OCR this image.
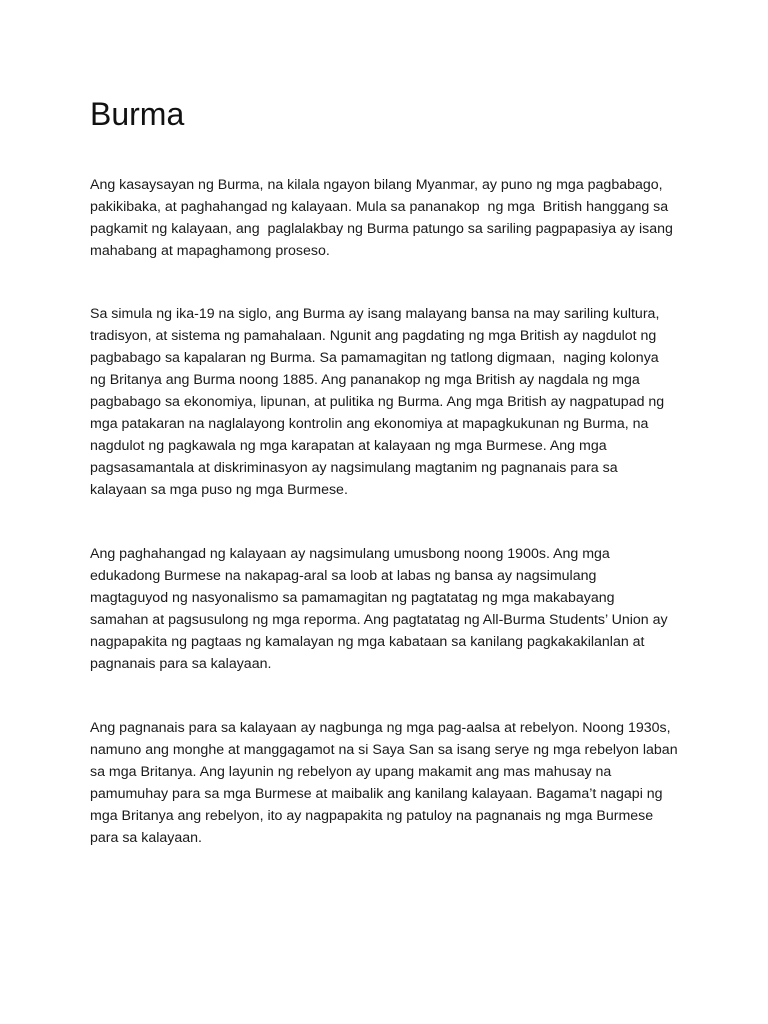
Burma

Ang kasaysayan ng Burma, na kilala ngayon bilang Myanmar, ay puno ng mga pagbabago,
pakikibaka, at paghahangad ng kalayaan. Mula sa pananakop  ng mga  British hanggang sa
pagkamit ng kalayaan, ang  paglalakbay ng Burma patungo sa sariling pagpapasiya ay isang
mahabang at mapaghamong proseso.

Sa simula ng ika-19 na siglo, ang Burma ay isang malayang bansa na may sariling kultura,
tradisyon, at sistema ng pamahalaan. Ngunit ang pagdating ng mga British ay nagdulot ng
pagbabago sa kapalaran ng Burma. Sa pamamagitan ng tatlong digmaan,  naging kolonya
ng Britanya ang Burma noong 1885. Ang pananakop ng mga British ay nagdala ng mga
pagbabago sa ekonomiya, lipunan, at pulitika ng Burma. Ang mga British ay nagpatupad ng
mga patakaran na naglalayong kontrolin ang ekonomiya at mapagkukunan ng Burma, na
nagdulot ng pagkawala ng mga karapatan at kalayaan ng mga Burmese. Ang mga
pagsasamantala at diskriminasyon ay nagsimulang magtanim ng pagnanais para sa
kalayaan sa mga puso ng mga Burmese.

Ang paghahangad ng kalayaan ay nagsimulang umusbong noong 1900s. Ang mga
edukadong Burmese na nakapag-aral sa loob at labas ng bansa ay nagsimulang
magtaguyod ng nasyonalismo sa pamamagitan ng pagtatatag ng mga makabayang
samahan at pagsusulong ng mga reporma. Ang pagtatatag ng All-Burma Students’ Union ay
nagpapakita ng pagtaas ng kamalayan ng mga kabataan sa kanilang pagkakakilanlan at
pagnanais para sa kalayaan.

Ang pagnanais para sa kalayaan ay nagbunga ng mga pag-aalsa at rebelyon. Noong 1930s,
namuno ang monghe at manggagamot na si Saya San sa isang serye ng mga rebelyon laban
sa mga Britanya. Ang layunin ng rebelyon ay upang makamit ang mas mahusay na
pamumuhay para sa mga Burmese at maibalik ang kanilang kalayaan. Bagama’t nagapi ng
mga Britanya ang rebelyon, ito ay nagpapakita ng patuloy na pagnanais ng mga Burmese
para sa kalayaan.
